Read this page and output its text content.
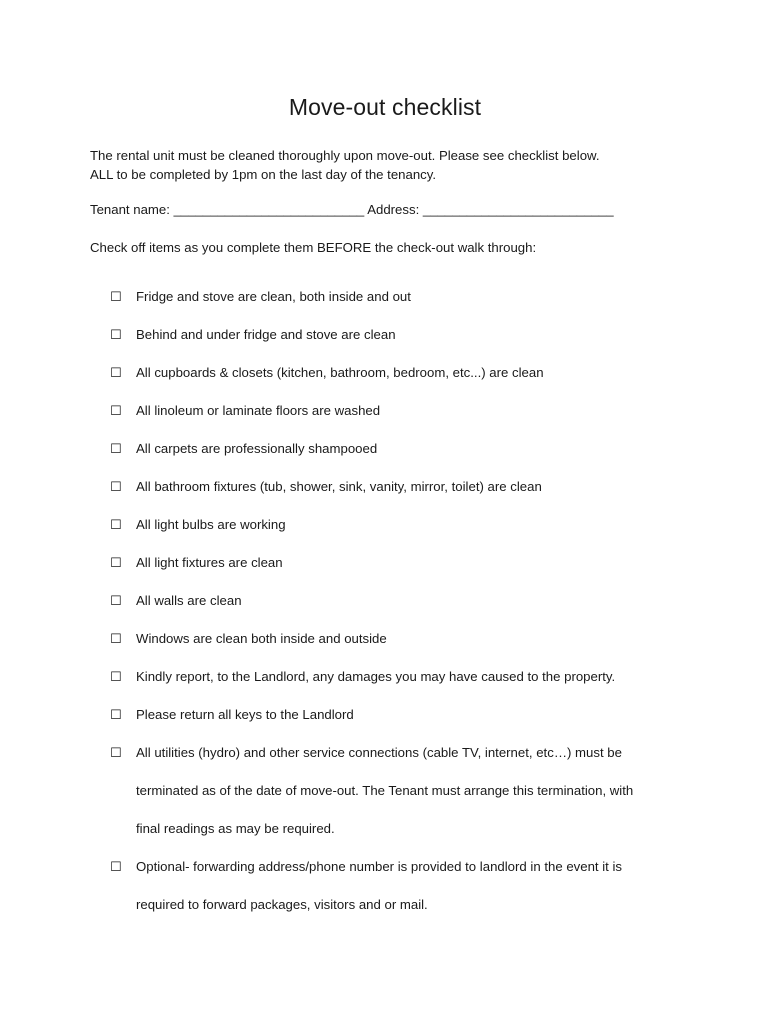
Move-out checklist

The rental unit must be cleaned thoroughly upon move-out. Please see checklist below.

ALL to be completed by 1pm on the last day of the tenancy.

Tenant name: __________________________ Address: __________________________

Check off items as you complete them BEFORE the check-out walk through:

☐ Fridge and stove are clean, both inside and out
☐ Behind and under fridge and stove are clean
☐ All cupboards & closets (kitchen, bathroom, bedroom, etc...) are clean
☐ All linoleum or laminate floors are washed
☐ All carpets are professionally shampooed
☐ All bathroom fixtures (tub, shower, sink, vanity, mirror, toilet) are clean
☐ All light bulbs are working
☐ All light fixtures are clean
☐ All walls are clean
☐ Windows are clean both inside and outside
☐ Kindly report, to the Landlord, any damages you may have caused to the property.
☐ Please return all keys to the Landlord
☐ All utilities (hydro) and other service connections (cable TV, internet, etc…) must be
terminated as of the date of move-out. The Tenant must arrange this termination, with
final readings as may be required.
☐ Optional- forwarding address/phone number is provided to landlord in the event it is
required to forward packages, visitors and or mail.
